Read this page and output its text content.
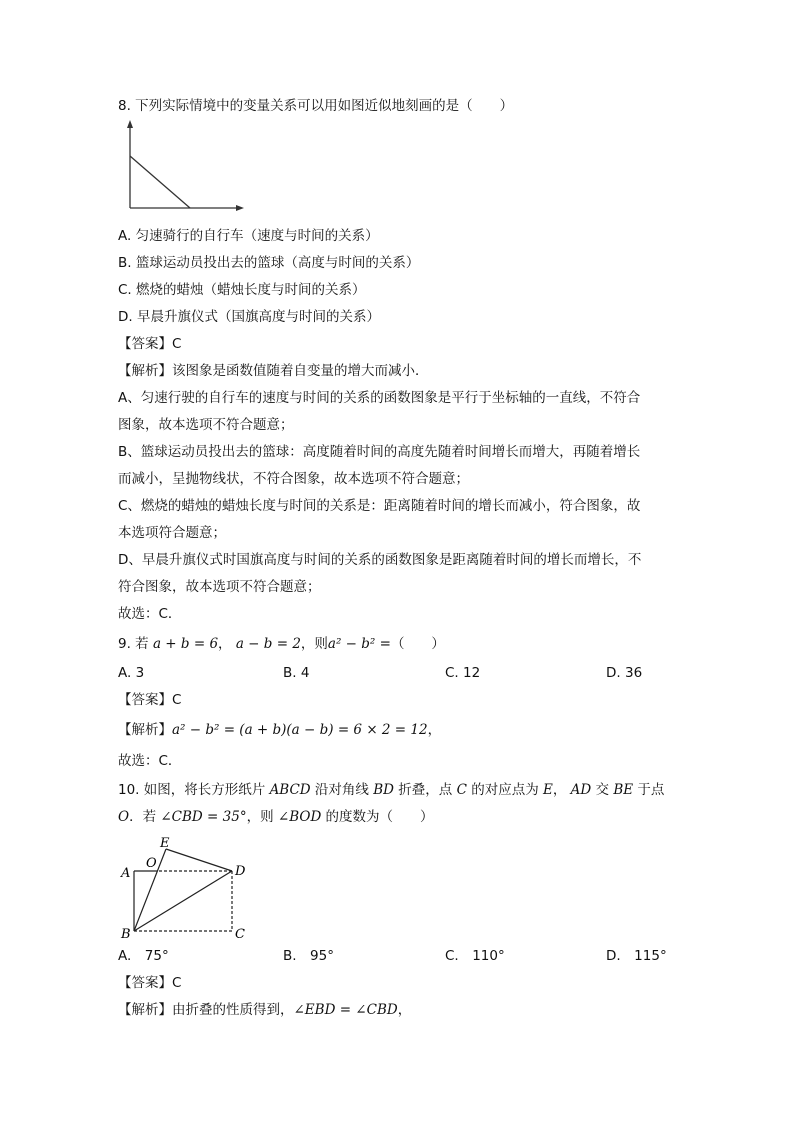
8. 下列实际情境中的变量关系可以用如图近似地刻画的是（　　）
A. 匀速骑行的自行车（速度与时间的关系）
B. 篮球运动员投出去的篮球（高度与时间的关系）
C. 燃烧的蜡烛（蜡烛长度与时间的关系）
D. 早晨升旗仪式（国旗高度与时间的关系）
【答案】C
【解析】该图象是函数值随着自变量的增大而减小．
A、匀速行驶的自行车的速度与时间的关系的函数图象是平行于坐标轴的一直线，不符合
图象，故本选项不符合题意；
B、篮球运动员投出去的篮球：高度随着时间的高度先随着时间增长而增大，再随着增长
而减小，呈抛物线状，不符合图象，故本选项不符合题意；
C、燃烧的蜡烛的蜡烛长度与时间的关系是：距离随着时间的增长而减小，符合图象，故
本选项符合题意；
D、早晨升旗仪式时国旗高度与时间的关系的函数图象是距离随着时间的增长而增长，不
符合图象，故本选项不符合题意；
故选：C．
9. 若 a + b = 6， a − b = 2，则a² − b² =（　　）
A. 3	B. 4	C. 12	D. 36
【答案】C
【解析】a² − b² = (a + b)(a − b) = 6 × 2 = 12，
故选：C．
10. 如图，将长方形纸片 ABCD 沿对角线 BD 折叠，点 C 的对应点为 E， AD 交 BE 于点
O．若 ∠CBD = 35°，则 ∠BOD 的度数为（　　）
E
O
A	D
B	C
A.　75°	B.　95°	C.　110°	D.　115°
【答案】C
【解析】由折叠的性质得到，∠EBD = ∠CBD，
